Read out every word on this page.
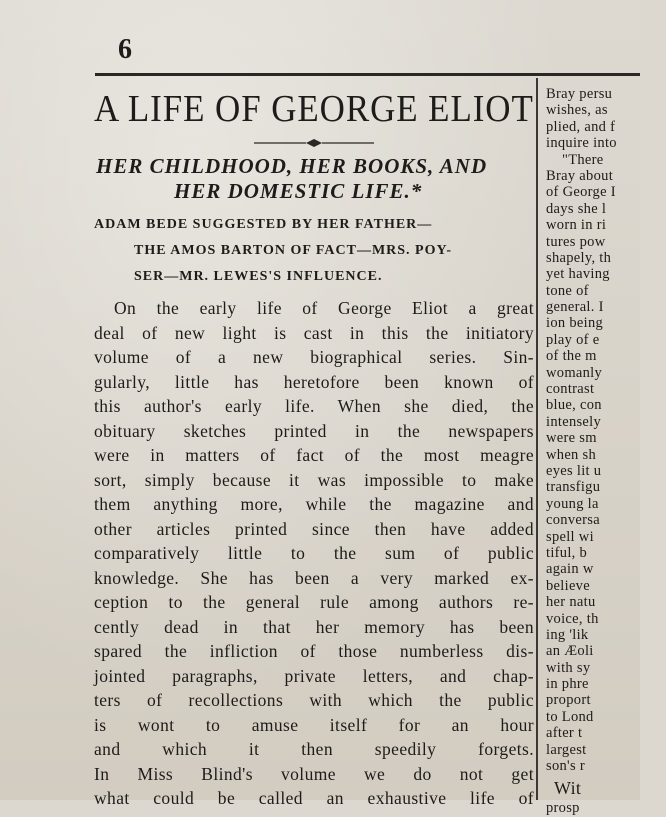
6
A LIFE OF GEORGE ELIOT
HER CHILDHOOD, HER BOOKS, AND
HER DOMESTIC LIFE.*
ADAM BEDE SUGGESTED BY HER FATHER—
THE AMOS BARTON OF FACT—MRS. POY-
SER—MR. LEWES'S INFLUENCE.
On the early life of George Eliot a great
deal of new light is cast in this the initiatory
volume of a new biographical series. Sin-
gularly, little has heretofore been known of
this author's early life. When she died, the
obituary sketches printed in the newspapers
were in matters of fact of the most meagre
sort, simply because it was impossible to make
them anything more, while the magazine and
other articles printed since then have added
comparatively little to the sum of public
knowledge. She has been a very marked ex-
ception to the general rule among authors re-
cently dead in that her memory has been
spared the infliction of those numberless dis-
jointed paragraphs, private letters, and chap-
ters of recollections with which the public
is wont to amuse itself for an hour
and which it then speedily forgets.
In Miss Blind's volume we do not get
what could be called an exhaustive life of
Bray persu
wishes, as
plied, and f
inquire into
"There
Bray about
of George I
days she l
worn in ri
tures pow
shapely, th
yet having
tone of
general. I
ion being
play of e
of the m
womanly
contrast
blue, con
intensely
were sm
when sh
eyes lit u
transfigu
young la
conversa
spell wi
tiful, b
again w
believe
her natu
voice, th
ing 'lik
an Æoli
with sy
in phre
proport
to Lond
after t
largest
son's r
Wit
prosp
